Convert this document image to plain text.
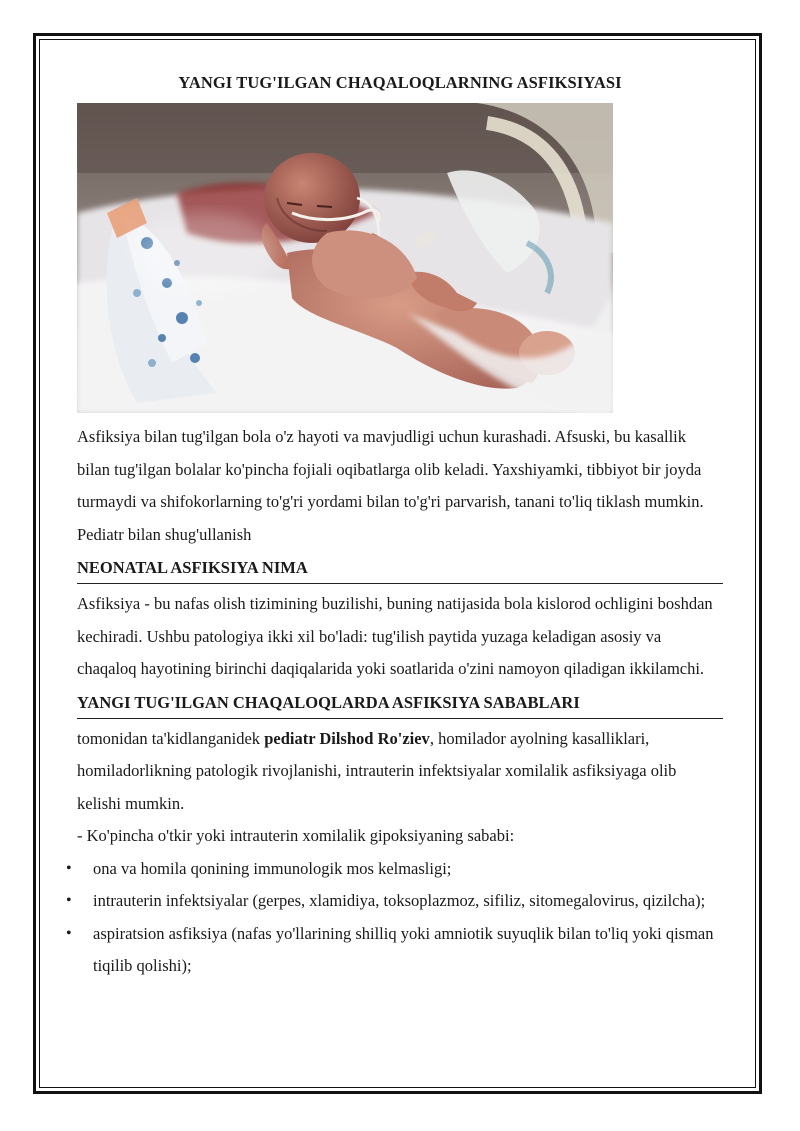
YANGI TUG'ILGAN CHAQALOQLARNING ASFIKSIYASI

Asfiksiya bilan tug'ilgan bola o'z hayoti va mavjudligi uchun kurashadi. Afsuski, bu kasallik bilan tug'ilgan bolalar ko'pincha fojiali oqibatlarga olib keladi. Yaxshiyamki, tibbiyot bir joyda turmaydi va shifokorlarning to'g'ri yordami bilan to'g'ri parvarish, tanani to'liq tiklash mumkin. Pediatr bilan shug'ullanish

NEONATAL ASFIKSIYA NIMA

Asfiksiya - bu nafas olish tizimining buzilishi, buning natijasida bola kislorod ochligini boshdan kechiradi. Ushbu patologiya ikki xil bo'ladi: tug'ilish paytida yuzaga keladigan asosiy va chaqaloq hayotining birinchi daqiqalarida yoki soatlarida o'zini namoyon qiladigan ikkilamchi.

YANGI TUG'ILGAN CHAQALOQLARDA ASFIKSIYA SABABLARI

tomonidan ta'kidlanganidek pediatr Dilshod Ro'ziev, homilador ayolning kasalliklari, homiladorlikning patologik rivojlanishi, intrauterin infektsiyalar xomilalik asfiksiyaga olib kelishi mumkin.

- Ko'pincha o'tkir yoki intrauterin xomilalik gipoksiyaning sababi:

• ona va homila qonining immunologik mos kelmasligi;
• intrauterin infektsiyalar (gerpes, xlamidiya, toksoplazmoz, sifiliz, sitomegalovirus, qizilcha);
• aspiratsion asfiksiya (nafas yo'llarining shilliq yoki amniotik suyuqlik bilan to'liq yoki qisman tiqilib qolishi);
